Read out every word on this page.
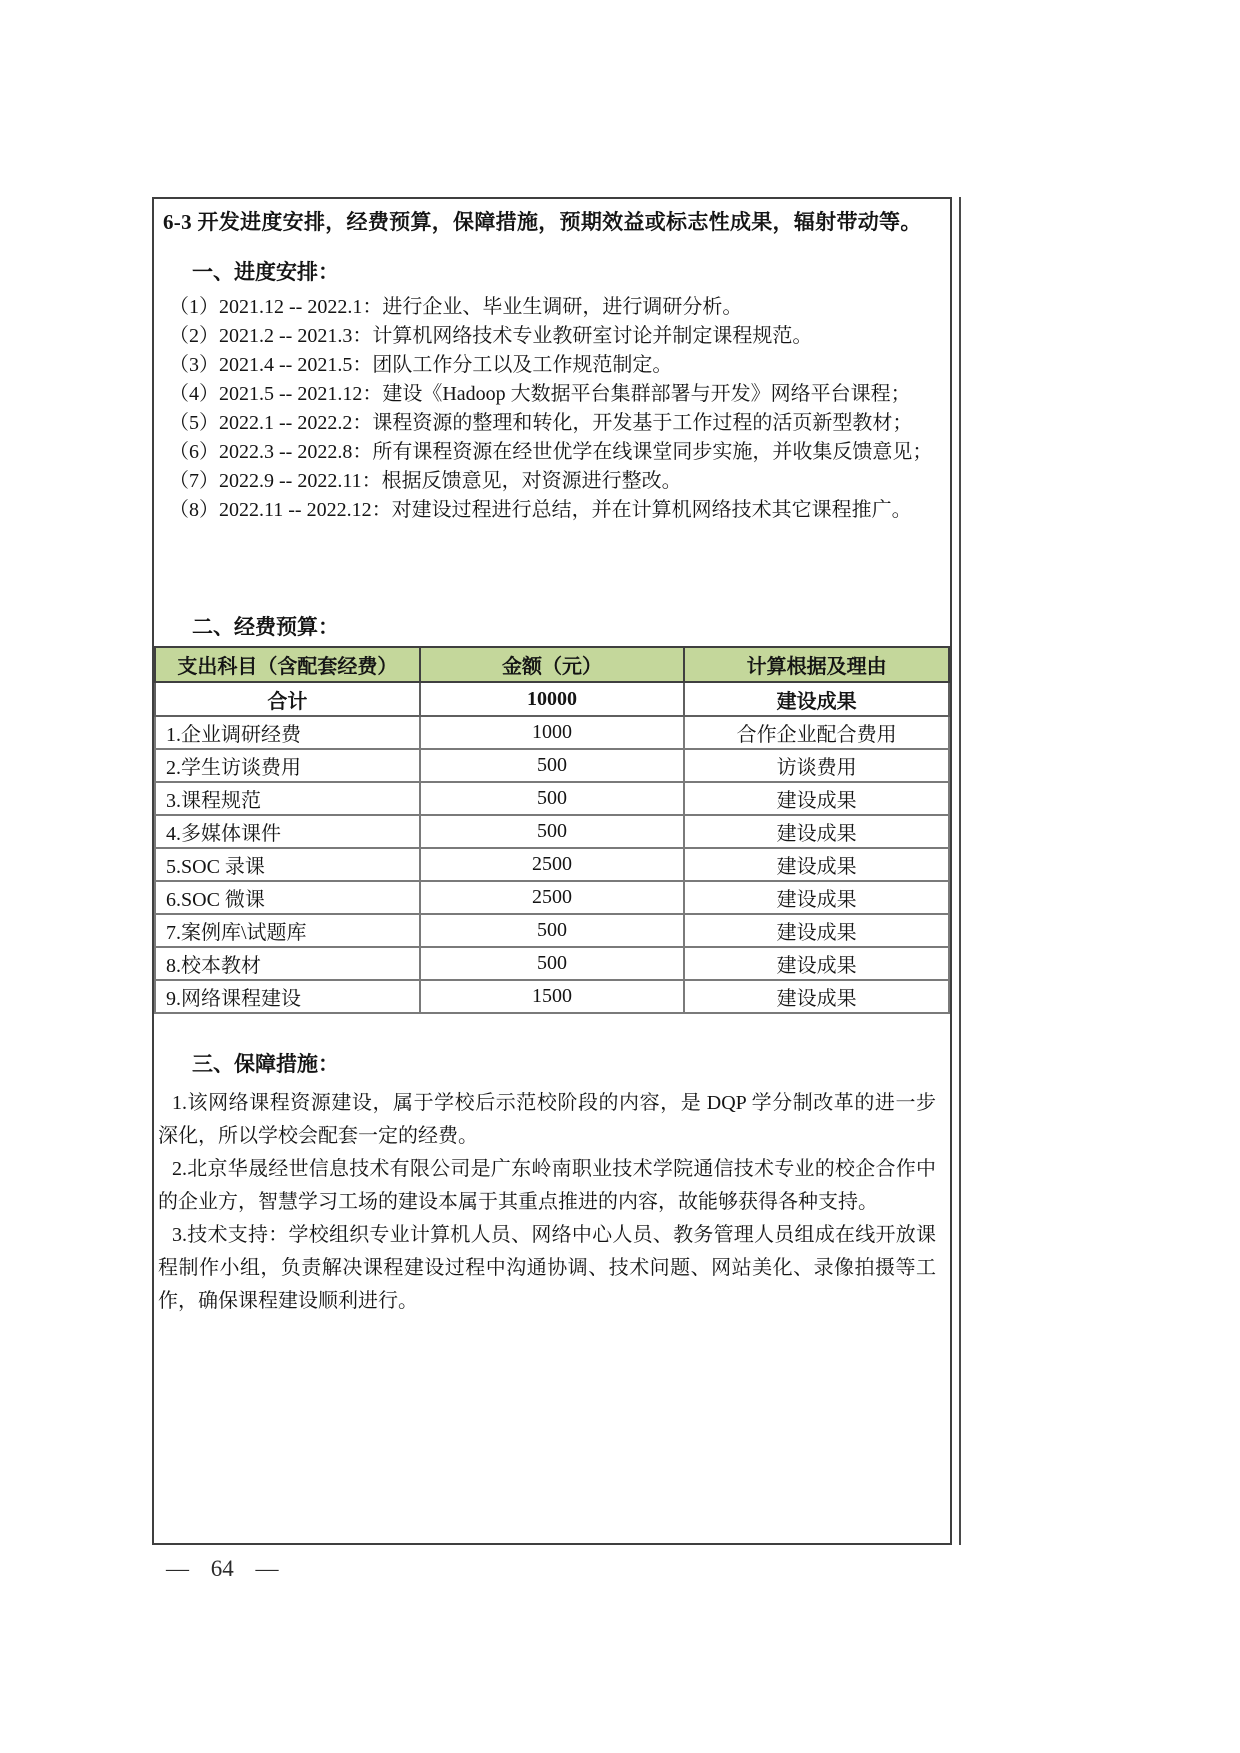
6-3 开发进度安排，经费预算，保障措施，预期效益或标志性成果，辐射带动等。
一、进度安排：
（1）2021.12 -- 2022.1：进行企业、毕业生调研，进行调研分析。
（2）2021.2 -- 2021.3：计算机网络技术专业教研室讨论并制定课程规范。
（3）2021.4 -- 2021.5：团队工作分工以及工作规范制定。
（4）2021.5 -- 2021.12：建设《Hadoop 大数据平台集群部署与开发》网络平台课程；
（5）2022.1 -- 2022.2：课程资源的整理和转化，开发基于工作过程的活页新型教材；
（6）2022.3 -- 2022.8：所有课程资源在经世优学在线课堂同步实施，并收集反馈意见；
（7）2022.9 -- 2022.11：根据反馈意见，对资源进行整改。
（8）2022.11 -- 2022.12：对建设过程进行总结，并在计算机网络技术其它课程推广。
二、经费预算：
支出科目（含配套经费）	金额（元）	计算根据及理由
合计	10000	建设成果
1.企业调研经费	1000	合作企业配合费用
2.学生访谈费用	500	访谈费用
3.课程规范	500	建设成果
4.多媒体课件	500	建设成果
5.SOC 录课	2500	建设成果
6.SOC 微课	2500	建设成果
7.案例库\试题库	500	建设成果
8.校本教材	500	建设成果
9.网络课程建设	1500	建设成果
三、保障措施：

1.该网络课程资源建设，属于学校后示范校阶段的内容，是 DQP 学分制改革的进一步深化，所以学校会配套一定的经费。

2.北京华晟经世信息技术有限公司是广东岭南职业技术学院通信技术专业的校企合作中的企业方，智慧学习工场的建设本属于其重点推进的内容，故能够获得各种支持。

3.技术支持：学校组织专业计算机人员、网络中心人员、教务管理人员组成在线开放课程制作小组，负责解决课程建设过程中沟通协调、技术问题、网站美化、录像拍摄等工作，确保课程建设顺利进行。

— 64 —
